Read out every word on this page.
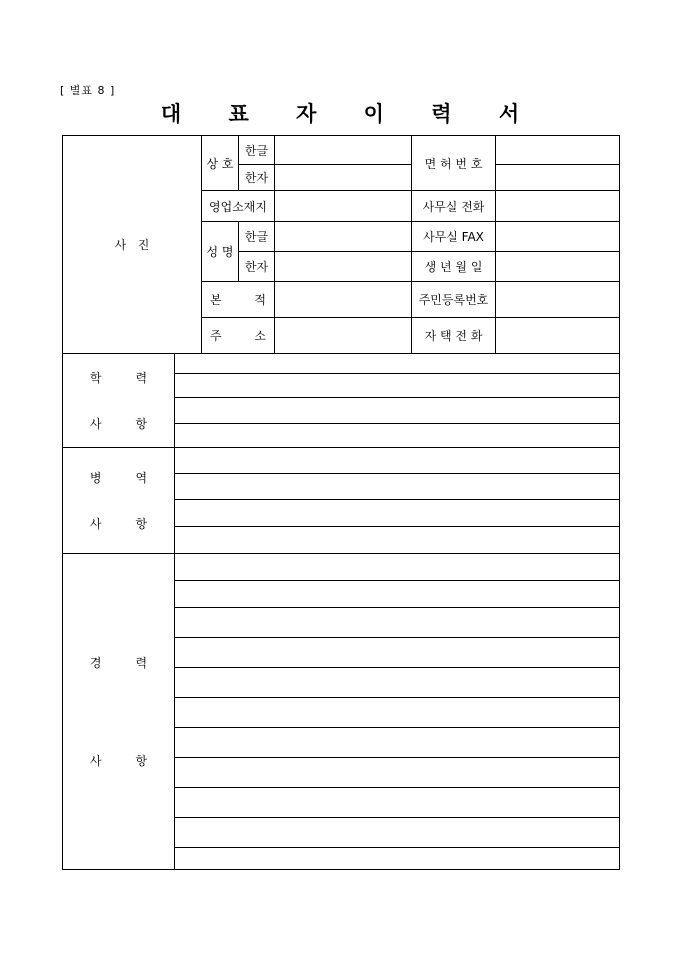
[ 별표 8 ]
대 표 자 이 력 서
사   진	상 호	한글		면 허 번 호	
		한자			
	영업소재지			사무실 전화	
	성 명	한글		사무실 FAX	
		한자		생 년 월 일	

	본 적			주민등록번호	

	주 소			자 택 전 화	
학	력
사	항

병	역
사	항

경	력
사	항
